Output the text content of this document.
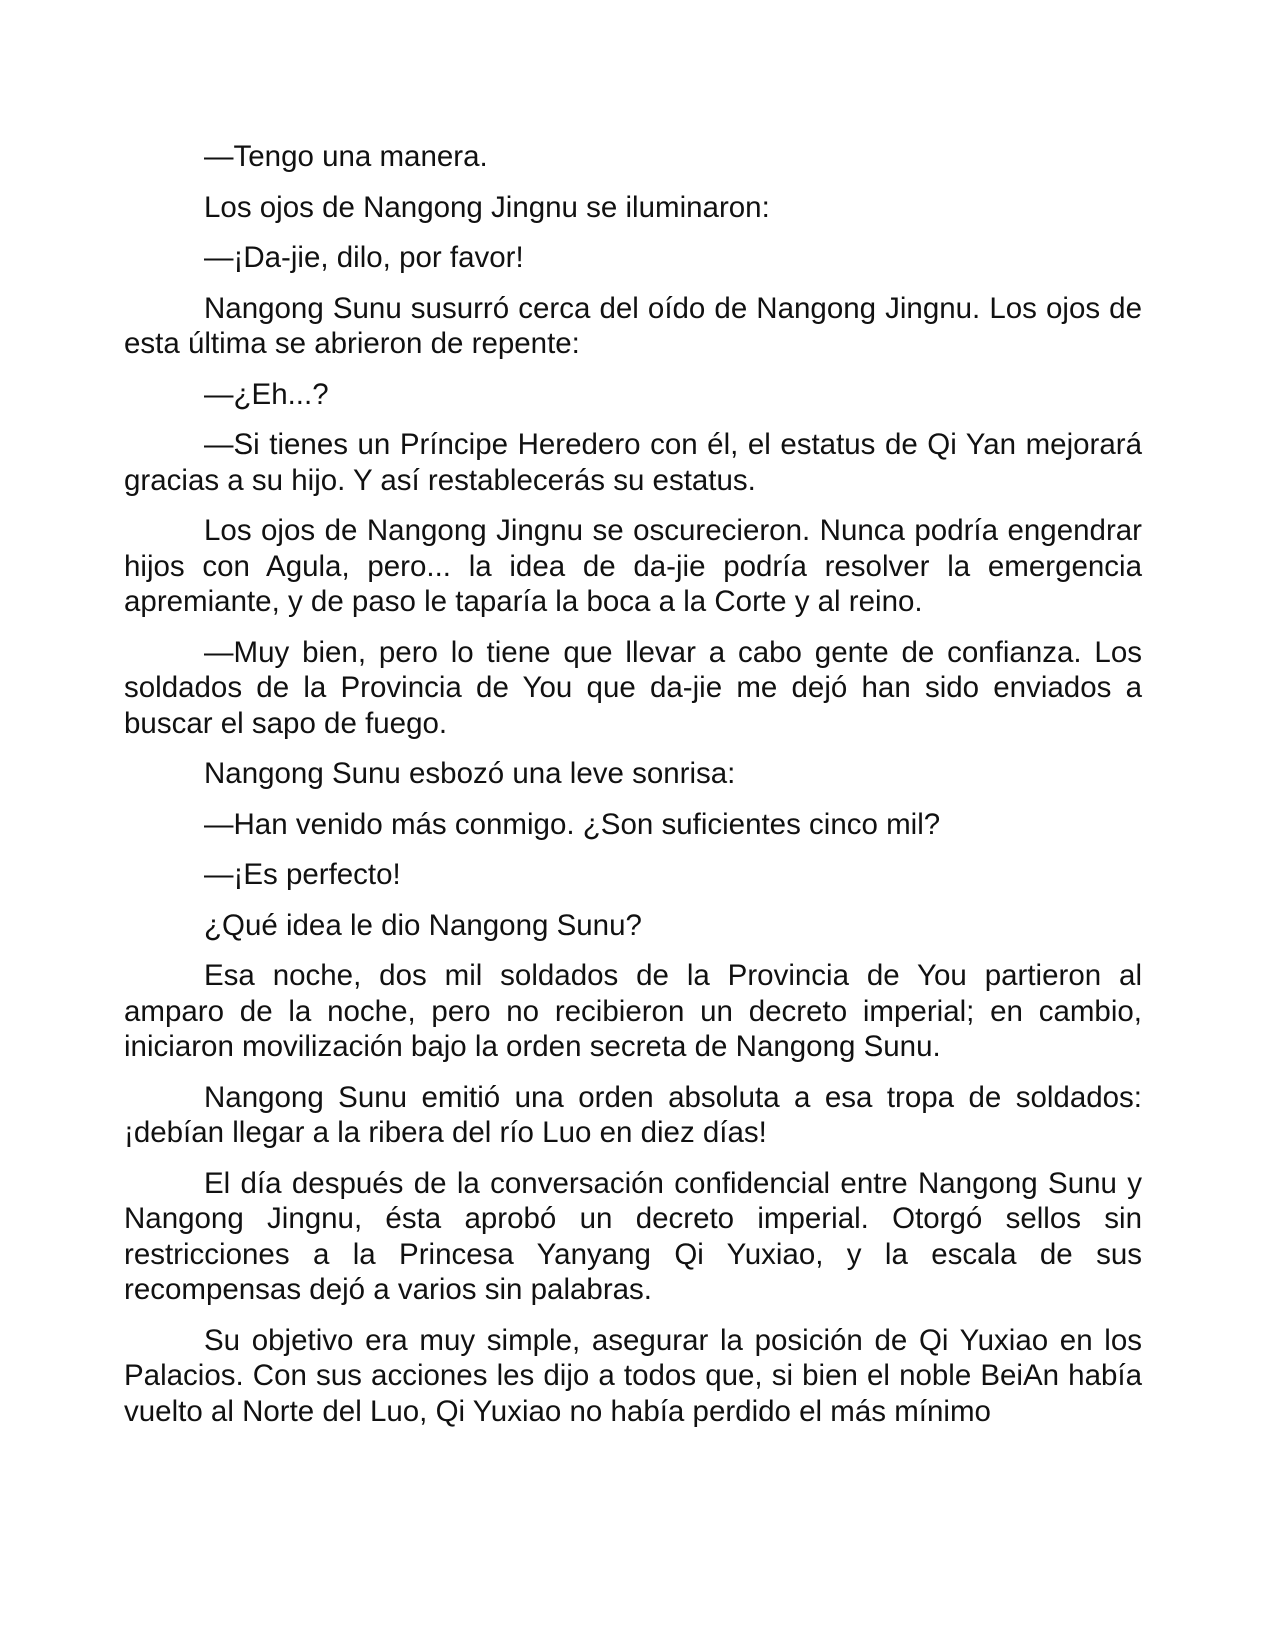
—Tengo una manera.

Los ojos de Nangong Jingnu se iluminaron:

—¡Da-jie, dilo, por favor!

Nangong Sunu susurró cerca del oído de Nangong Jingnu. Los ojos de esta última se abrieron de repente:

—¿Eh...?

—Si tienes un Príncipe Heredero con él, el estatus de Qi Yan mejorará gracias a su hijo. Y así restablecerás su estatus.

Los ojos de Nangong Jingnu se oscurecieron. Nunca podría engendrar hijos con Agula, pero... la idea de da-jie podría resolver la emergencia apremiante, y de paso le taparía la boca a la Corte y al reino.

—Muy bien, pero lo tiene que llevar a cabo gente de confianza. Los soldados de la Provincia de You que da-jie me dejó han sido enviados a buscar el sapo de fuego.

Nangong Sunu esbozó una leve sonrisa:

—Han venido más conmigo. ¿Son suficientes cinco mil?

—¡Es perfecto!

¿Qué idea le dio Nangong Sunu?

Esa noche, dos mil soldados de la Provincia de You partieron al amparo de la noche, pero no recibieron un decreto imperial; en cambio, iniciaron movilización bajo la orden secreta de Nangong Sunu.

Nangong Sunu emitió una orden absoluta a esa tropa de soldados: ¡debían llegar a la ribera del río Luo en diez días!

El día después de la conversación confidencial entre Nangong Sunu y Nangong Jingnu, ésta aprobó un decreto imperial. Otorgó sellos sin restricciones a la Princesa Yanyang Qi Yuxiao, y la escala de sus recompensas dejó a varios sin palabras.

Su objetivo era muy simple, asegurar la posición de Qi Yuxiao en los Palacios. Con sus acciones les dijo a todos que, si bien el noble BeiAn había vuelto al Norte del Luo, Qi Yuxiao no había perdido el más mínimo
